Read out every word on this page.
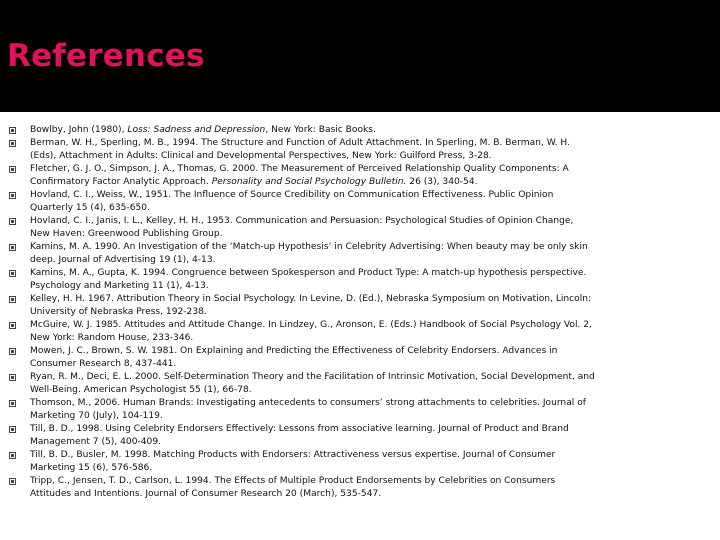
References
Bowlby, John (1980), Loss: Sadness and Depression, New York: Basic Books.
Berman, W. H., Sperling, M. B., 1994. The Structure and Function of Adult Attachment. In Sperling, M. B. Berman, W. H. (Eds), Attachment in Adults: Clinical and Developmental Perspectives, New York: Guilford Press, 3-28.
Fletcher, G. J. O., Simpson, J. A., Thomas, G. 2000. The Measurement of Perceived Relationship Quality Components: A Confirmatory Factor Analytic Approach. Personality and Social Psychology Bulletin. 26 (3), 340-54.
Hovland, C. I., Weiss, W., 1951. The Influence of Source Credibility on Communication Effectiveness. Public Opinion Quarterly 15 (4), 635-650.
Hovland, C. I., Janis, I. L., Kelley, H. H., 1953. Communication and Persuasion: Psychological Studies of Opinion Change, New Haven: Greenwood Publishing Group.
Kamins, M. A. 1990. An Investigation of the ‘Match-up Hypothesis’ in Celebrity Advertising: When beauty may be only skin deep. Journal of Advertising 19 (1), 4-13.
Kamins, M. A., Gupta, K. 1994. Congruence between Spokesperson and Product Type: A match-up hypothesis perspective. Psychology and Marketing 11 (1), 4-13.
Kelley, H. H. 1967. Attribution Theory in Social Psychology. In Levine, D. (Ed.), Nebraska Symposium on Motivation, Lincoln: University of Nebraska Press, 192-238.
McGuire, W. J. 1985. Attitudes and Attitude Change. In Lindzey, G., Aronson, E. (Eds.) Handbook of Social Psychology Vol. 2, New York: Random House, 233-346.
Mowen, J. C., Brown, S. W. 1981. On Explaining and Predicting the Effectiveness of Celebrity Endorsers. Advances in Consumer Research 8, 437-441.
Ryan, R. M., Deci, E. L. 2000. Self-Determination Theory and the Facilitation of Intrinsic Motivation, Social Development, and Well-Being. American Psychologist 55 (1), 66-78.
Thomson, M., 2006. Human Brands: Investigating antecedents to consumers’ strong attachments to celebrities. Journal of Marketing 70 (July), 104-119.
Till, B. D., 1998. Using Celebrity Endorsers Effectively: Lessons from associative learning. Journal of Product and Brand Management 7 (5), 400-409.
Till, B. D., Busler, M. 1998. Matching Products with Endorsers: Attractiveness versus expertise. Journal of Consumer Marketing 15 (6), 576-586.
Tripp, C., Jensen, T. D., Carlson, L. 1994. The Effects of Multiple Product Endorsements by Celebrities on Consumers Attitudes and Intentions. Journal of Consumer Research 20 (March), 535-547.
